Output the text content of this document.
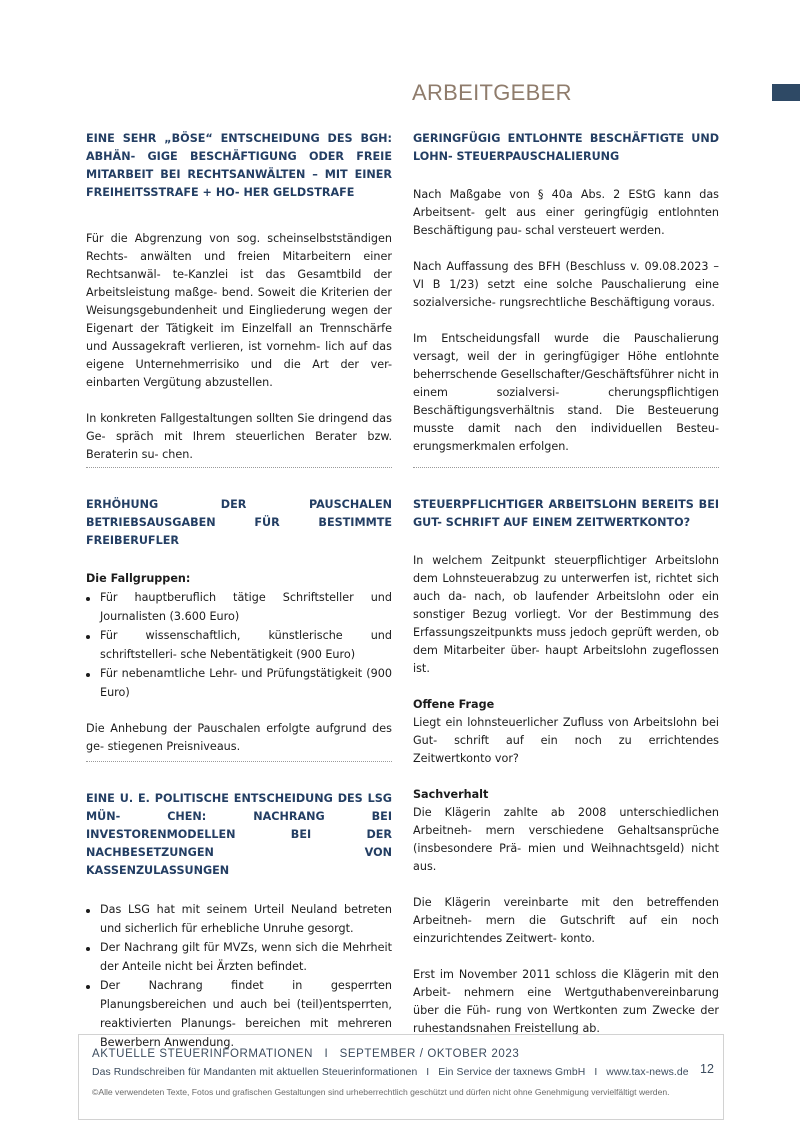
ARBEITGEBER
EINE SEHR „BÖSE“ ENTSCHEIDUNG DES BGH: ABHÄN- GIGE BESCHÄFTIGUNG ODER FREIE MITARBEIT BEI RECHTSANWÄLTEN – MIT EINER FREIHEITSSTRAFE + HO- HER GELDSTRAFE

Für die Abgrenzung von sog. scheinselbstständigen Rechts- anwälten und freien Mitarbeitern einer Rechtsanwäl- te-Kanzlei ist das Gesamtbild der Arbeitsleistung maßge- bend. Soweit die Kriterien der Weisungsgebundenheit und Eingliederung wegen der Eigenart der Tätigkeit im Einzelfall an Trennschärfe und Aussagekraft verlieren, ist vornehm- lich auf das eigene Unternehmerrisiko und die Art der ver- einbarten Vergütung abzustellen.

In konkreten Fallgestaltungen sollten Sie dringend das Ge- spräch mit Ihrem steuerlichen Berater bzw. Beraterin su- chen.

ERHÖHUNG DER PAUSCHALEN BETRIEBSAUSGABEN FÜR BESTIMMTE FREIBERUFLER
Die Fallgruppen:
Für hauptberuflich tätige Schriftsteller und Journalisten (3.600 Euro)
Für wissenschaftlich, künstlerische und schriftstelleri- sche Nebentätigkeit (900 Euro)
Für nebenamtliche Lehr- und Prüfungstätigkeit (900 Euro)

Die Anhebung der Pauschalen erfolgte aufgrund des ge- stiegenen Preisniveaus.

EINE U. E. POLITISCHE ENTSCHEIDUNG DES LSG MÜN- CHEN: NACHRANG BEI INVESTORENMODELLEN BEI DER NACHBESETZUNGEN VON KASSENZULASSUNGEN
Das LSG hat mit seinem Urteil Neuland betreten und sicherlich für erhebliche Unruhe gesorgt.
Der Nachrang gilt für MVZs, wenn sich die Mehrheit der Anteile nicht bei Ärzten befindet.
Der Nachrang findet in gesperrten Planungsbereichen und auch bei (teil)entsperrten, reaktivierten Planungs- bereichen mit mehreren Bewerbern Anwendung.
GERINGFÜGIG ENTLOHNTE BESCHÄFTIGTE UND LOHN- STEUERPAUSCHALIERUNG

Nach Maßgabe von § 40a Abs. 2 EStG kann das Arbeitsent- gelt aus einer geringfügig entlohnten Beschäftigung pau- schal versteuert werden.

Nach Auffassung des BFH (Beschluss v. 09.08.2023 – VI B 1/23) setzt eine solche Pauschalierung eine sozialversiche- rungsrechtliche Beschäftigung voraus.

Im Entscheidungsfall wurde die Pauschalierung versagt, weil der in geringfügiger Höhe entlohnte beherrschende Gesellschafter/Geschäftsführer nicht in einem sozialversi- cherungspflichtigen Beschäftigungsverhältnis stand. Die Besteuerung musste damit nach den individuellen Besteu- erungsmerkmalen erfolgen.

STEUERPFLICHTIGER ARBEITSLOHN BEREITS BEI GUT- SCHRIFT AUF EINEM ZEITWERTKONTO?

In welchem Zeitpunkt steuerpflichtiger Arbeitslohn dem Lohnsteuerabzug zu unterwerfen ist, richtet sich auch da- nach, ob laufender Arbeitslohn oder ein sonstiger Bezug vorliegt. Vor der Bestimmung des Erfassungszeitpunkts muss jedoch geprüft werden, ob dem Mitarbeiter über- haupt Arbeitslohn zugeflossen ist.

Offene Frage

Liegt ein lohnsteuerlicher Zufluss von Arbeitslohn bei Gut- schrift auf ein noch zu errichtendes Zeitwertkonto vor?

Sachverhalt

Die Klägerin zahlte ab 2008 unterschiedlichen Arbeitneh- mern verschiedene Gehaltsansprüche (insbesondere Prä- mien und Weihnachtsgeld) nicht aus.

Die Klägerin vereinbarte mit den betreffenden Arbeitneh- mern die Gutschrift auf ein noch einzurichtendes Zeitwert- konto.

Erst im November 2011 schloss die Klägerin mit den Arbeit- nehmern eine Wertguthabenvereinbarung über die Füh- rung von Wertkonten zum Zwecke der ruhestandsnahen Freistellung ab.

AKTUELLE STEUERINFORMATIONEN   I   SEPTEMBER / OKTOBER 2023
Das Rundschreiben für Mandanten mit aktuellen Steuerinformationen   I   Ein Service der taxnews GmbH   I   www.tax-news.de
©Alle verwendeten Texte, Fotos und grafischen Gestaltungen sind urheberrechtlich geschützt und dürfen nicht ohne Genehmigung vervielfältigt werden.
12
